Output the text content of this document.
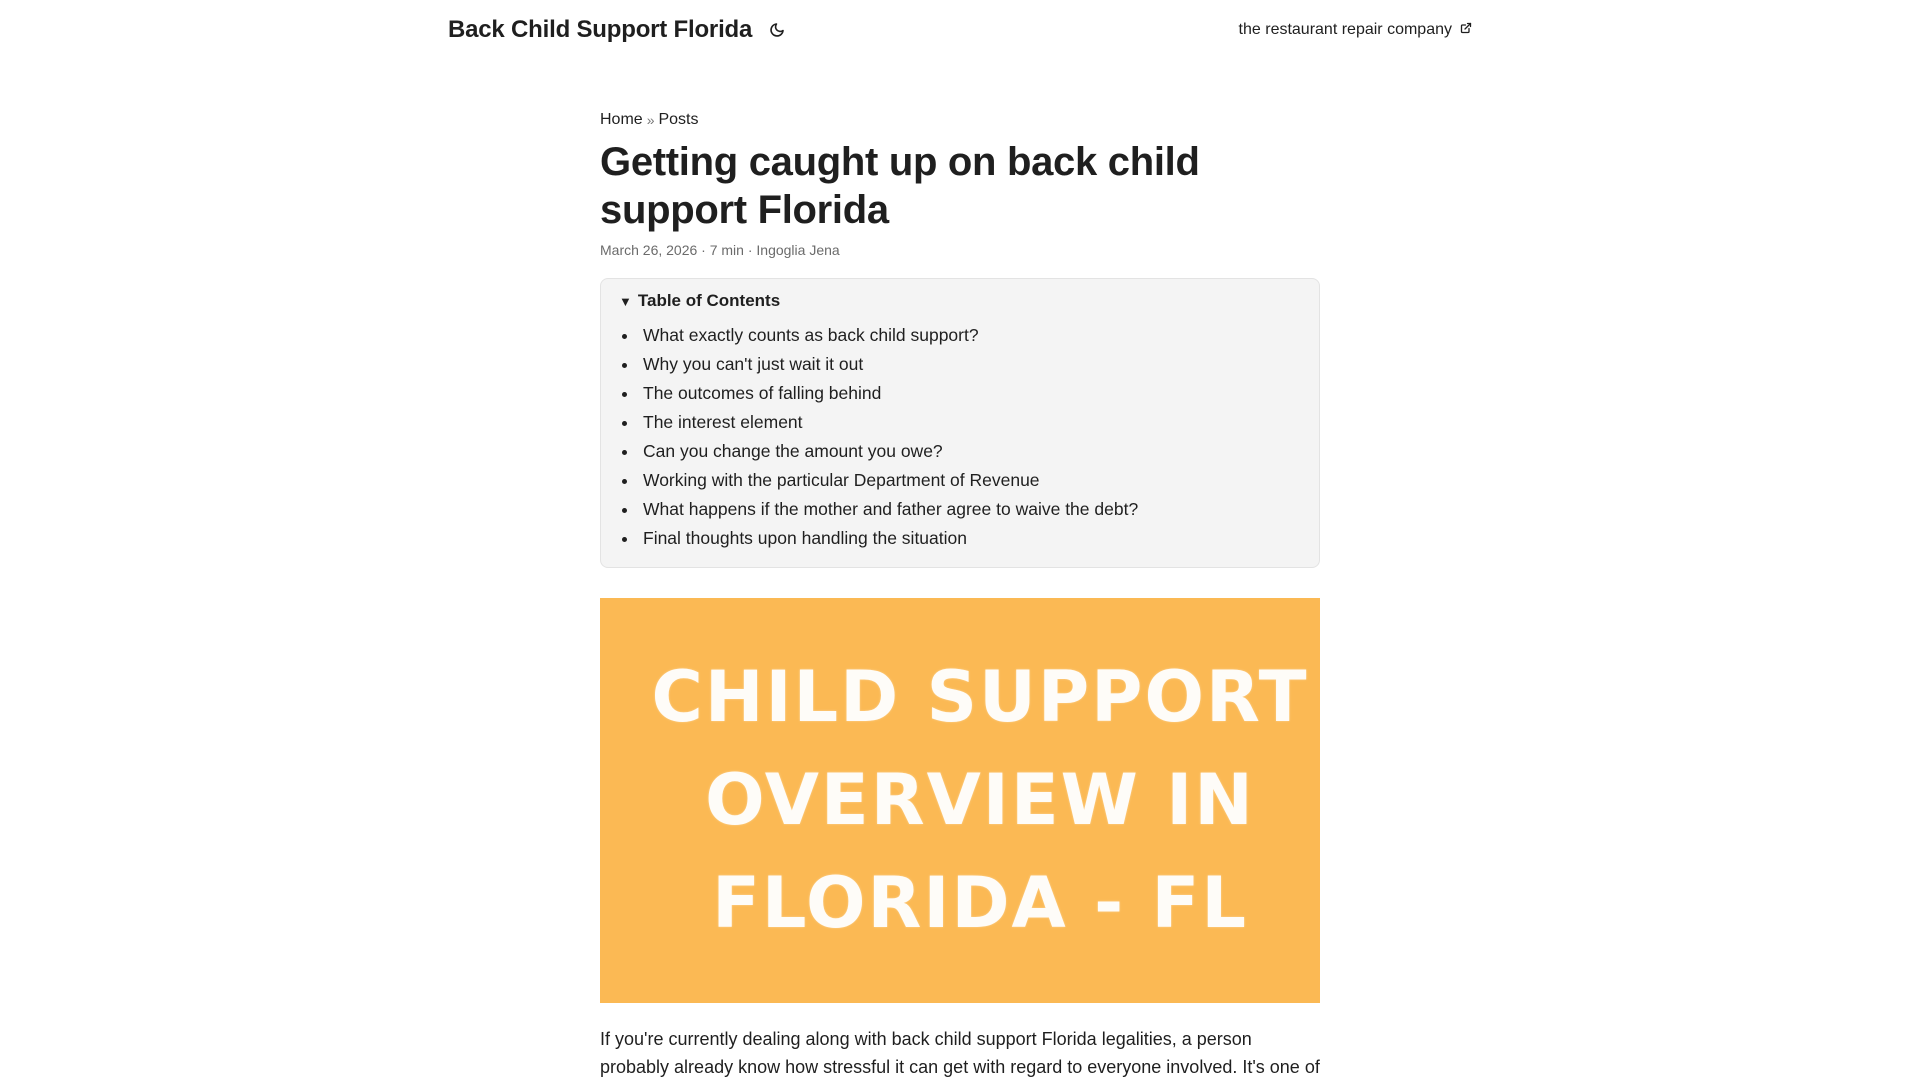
Back Child Support Florida	the restaurant repair company
Home » Posts
Getting caught up on back child support Florida
March 26, 2026 · 7 min · Ingoglia Jena
▼ Table of Contents
• What exactly counts as back child support?
• Why you can't just wait it out
• The outcomes of falling behind
• The interest element
• Can you change the amount you owe?
• Working with the particular Department of Revenue
• What happens if the mother and father agree to waive the debt?
• Final thoughts upon handling the situation
CHILD SUPPORT
OVERVIEW IN
FLORIDA - FL

If you're currently dealing along with back child support Florida legalities, a person probably already know how stressful it can get with regard to everyone involved. It's one of
